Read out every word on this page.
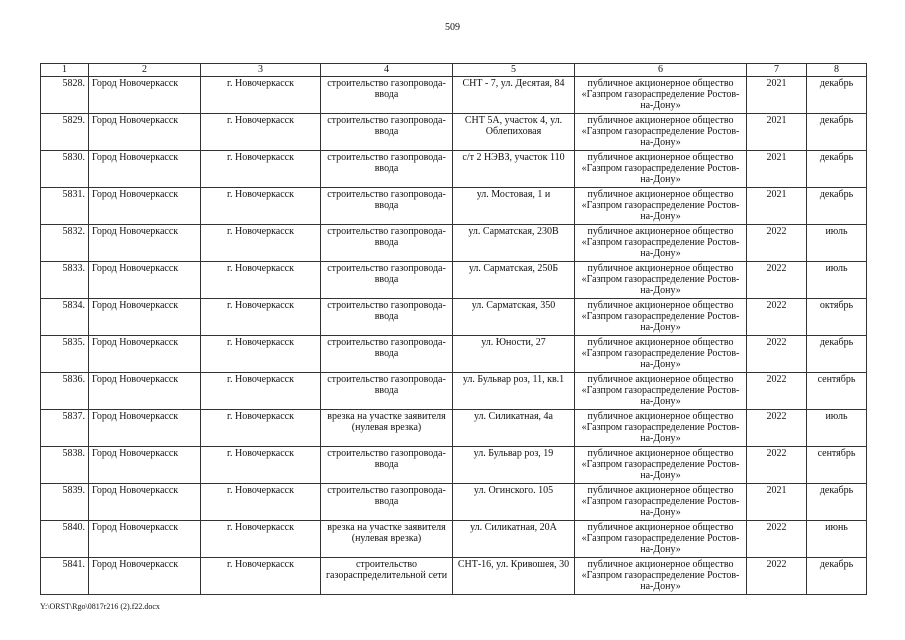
509
1	2	3	4	5	6	7	8
5828.	Город Новочеркасск	г. Новочеркасск	строительство газопровода-ввода	СНТ - 7, ул. Десятая, 84	публичное акционерное общество «Газпром газораспределение Ростов-на-Дону»	2021	декабрь
5829.	Город Новочеркасск	г. Новочеркасск	строительство газопровода-ввода	СНТ 5А, участок 4, ул. Облепиховая	публичное акционерное общество «Газпром газораспределение Ростов-на-Дону»	2021	декабрь
5830.	Город Новочеркасск	г. Новочеркасск	строительство газопровода-ввода	с/т 2 НЭВЗ, участок 110	публичное акционерное общество «Газпром газораспределение Ростов-на-Дону»	2021	декабрь
5831.	Город Новочеркасск	г. Новочеркасск	строительство газопровода-ввода	ул. Мостовая, 1 и	публичное акционерное общество «Газпром газораспределение Ростов-на-Дону»	2021	декабрь
5832.	Город Новочеркасск	г. Новочеркасск	строительство газопровода-ввода	ул. Сарматская, 230В	публичное акционерное общество «Газпром газораспределение Ростов-на-Дону»	2022	июль
5833.	Город Новочеркасск	г. Новочеркасск	строительство газопровода-ввода	ул. Сарматская, 250Б	публичное акционерное общество «Газпром газораспределение Ростов-на-Дону»	2022	июль
5834.	Город Новочеркасск	г. Новочеркасск	строительство газопровода-ввода	ул. Сарматская, 350	публичное акционерное общество «Газпром газораспределение Ростов-на-Дону»	2022	октябрь
5835.	Город Новочеркасск	г. Новочеркасск	строительство газопровода-ввода	ул. Юности, 27	публичное акционерное общество «Газпром газораспределение Ростов-на-Дону»	2022	декабрь
5836.	Город Новочеркасск	г. Новочеркасск	строительство газопровода-ввода	ул. Бульвар роз, 11, кв.1	публичное акционерное общество «Газпром газораспределение Ростов-на-Дону»	2022	сентябрь
5837.	Город Новочеркасск	г. Новочеркасск	врезка на участке заявителя (нулевая врезка)	ул. Силикатная, 4а	публичное акционерное общество «Газпром газораспределение Ростов-на-Дону»	2022	июль
5838.	Город Новочеркасск	г. Новочеркасск	строительство газопровода-ввода	ул. Бульвар роз, 19	публичное акционерное общество «Газпром газораспределение Ростов-на-Дону»	2022	сентябрь
5839.	Город Новочеркасск	г. Новочеркасск	строительство газопровода-ввода	ул. Огинского. 105	публичное акционерное общество «Газпром газораспределение Ростов-на-Дону»	2021	декабрь
5840.	Город Новочеркасск	г. Новочеркасск	врезка на участке заявителя (нулевая врезка)	ул. Силикатная, 20А	публичное акционерное общество «Газпром газораспределение Ростов-на-Дону»	2022	июнь
5841.	Город Новочеркасск	г. Новочеркасск	строительство газораспределительной сети	СНТ-16, ул. Кривошея, 30	публичное акционерное общество «Газпром газораспределение Ростов-на-Дону»	2022	декабрь
Y:\ORST\Rgo\0817r216 (2).f22.docx
